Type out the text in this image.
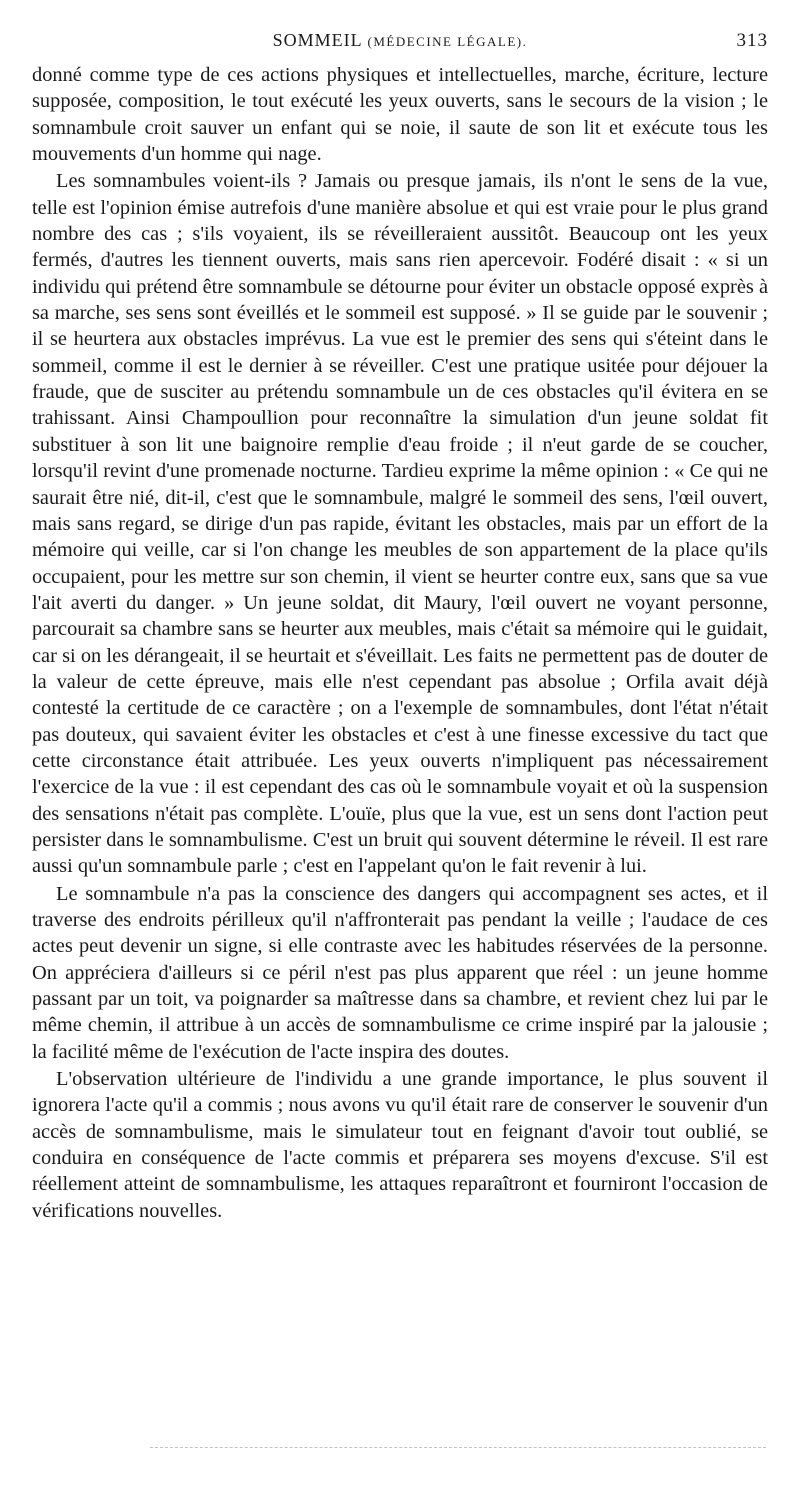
SOMMEIL (MÉDECINE LÉGALE).	313

donné comme type de ces actions physiques et intellectuelles, marche, écriture, lecture supposée, composition, le tout exécuté les yeux ouverts, sans le secours de la vision ; le somnambule croit sauver un enfant qui se noie, il saute de son lit et exécute tous les mouvements d'un homme qui nage.

Les somnambules voient-ils ? Jamais ou presque jamais, ils n'ont le sens de la vue, telle est l'opinion émise autrefois d'une manière absolue et qui est vraie pour le plus grand nombre des cas ; s'ils voyaient, ils se réveilleraient aussitôt. Beaucoup ont les yeux fermés, d'autres les tiennent ouverts, mais sans rien apercevoir. Fodéré disait : « si un individu qui prétend être somnambule se détourne pour éviter un obstacle opposé exprès à sa marche, ses sens sont éveillés et le sommeil est supposé. » Il se guide par le souvenir ; il se heurtera aux obstacles imprévus. La vue est le premier des sens qui s'éteint dans le sommeil, comme il est le dernier à se réveiller. C'est une pratique usitée pour déjouer la fraude, que de susciter au prétendu somnambule un de ces obstacles qu'il évitera en se trahissant. Ainsi Champoullion pour reconnaître la simulation d'un jeune soldat fit substituer à son lit une baignoire remplie d'eau froide ; il n'eut garde de se coucher, lorsqu'il revint d'une promenade nocturne. Tardieu exprime la même opinion : « Ce qui ne saurait être nié, dit-il, c'est que le somnambule, malgré le sommeil des sens, l'œil ouvert, mais sans regard, se dirige d'un pas rapide, évitant les obstacles, mais par un effort de la mémoire qui veille, car si l'on change les meubles de son appartement de la place qu'ils occupaient, pour les mettre sur son chemin, il vient se heurter contre eux, sans que sa vue l'ait averti du danger. » Un jeune soldat, dit Maury, l'œil ouvert ne voyant personne, parcourait sa chambre sans se heurter aux meubles, mais c'était sa mémoire qui le guidait, car si on les dérangeait, il se heurtait et s'éveillait. Les faits ne permettent pas de douter de la valeur de cette épreuve, mais elle n'est cependant pas absolue ; Orfila avait déjà contesté la certitude de ce caractère ; on a l'exemple de somnambules, dont l'état n'était pas douteux, qui savaient éviter les obstacles et c'est à une finesse excessive du tact que cette circonstance était attribuée. Les yeux ouverts n'impliquent pas nécessairement l'exercice de la vue : il est cependant des cas où le somnambule voyait et où la suspension des sensations n'était pas complète. L'ouïe, plus que la vue, est un sens dont l'action peut persister dans le somnambulisme. C'est un bruit qui souvent détermine le réveil. Il est rare aussi qu'un somnambule parle ; c'est en l'appelant qu'on le fait revenir à lui.

Le somnambule n'a pas la conscience des dangers qui accompagnent ses actes, et il traverse des endroits périlleux qu'il n'affronterait pas pendant la veille ; l'audace de ces actes peut devenir un signe, si elle contraste avec les habitudes réservées de la personne. On appréciera d'ailleurs si ce péril n'est pas plus apparent que réel : un jeune homme passant par un toit, va poignarder sa maîtresse dans sa chambre, et revient chez lui par le même chemin, il attribue à un accès de somnambulisme ce crime inspiré par la jalousie ; la facilité même de l'exécution de l'acte inspira des doutes.

L'observation ultérieure de l'individu a une grande importance, le plus souvent il ignorera l'acte qu'il a commis ; nous avons vu qu'il était rare de conserver le souvenir d'un accès de somnambulisme, mais le simulateur tout en feignant d'avoir tout oublié, se conduira en conséquence de l'acte commis et préparera ses moyens d'excuse. S'il est réellement atteint de somnambulisme, les attaques reparaîtront et fourniront l'occasion de vérifications nouvelles.
